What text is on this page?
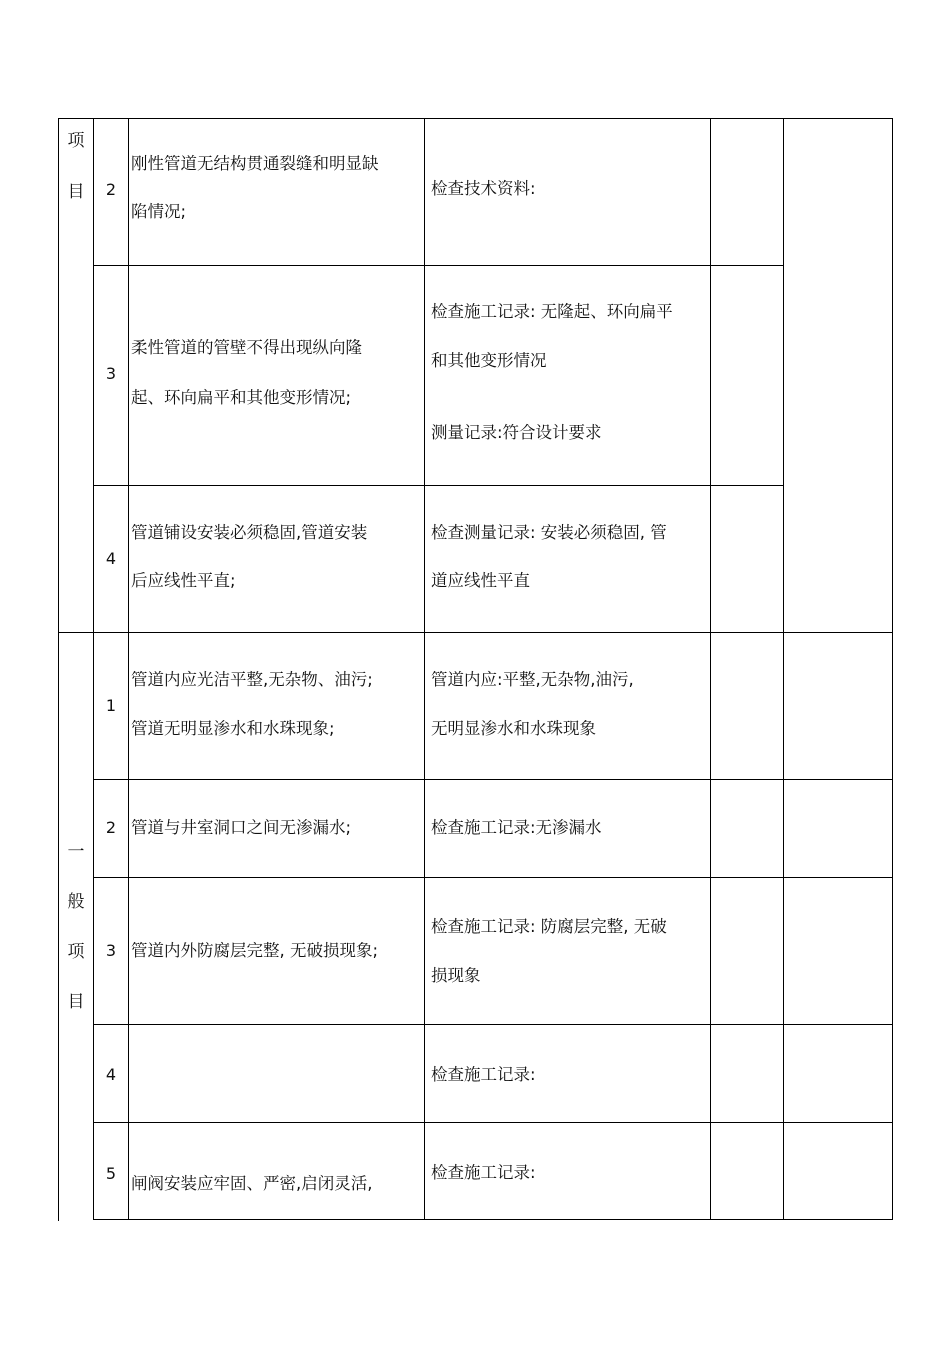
项
目
一
般
项
目
2
刚性管道无结构贯通裂缝和明显缺
陷情况;
检查技术资料:
3
柔性管道的管壁不得出现纵向隆
起、环向扁平和其他变形情况;
检查施工记录: 无隆起、环向扁平
和其他变形情况
测量记录:符合设计要求
4
管道铺设安装必须稳固,管道安装
后应线性平直;
检查测量记录: 安装必须稳固, 管
道应线性平直
1
管道内应光洁平整,无杂物、油污;
管道无明显渗水和水珠现象;
管道内应:平整,无杂物,油污,
无明显渗水和水珠现象
2 管道与井室洞口之间无渗漏水;	检查施工记录:无渗漏水
3 管道内外防腐层完整, 无破损现象;
检查施工记录: 防腐层完整, 无破
损现象
4	检查施工记录:
5
闸阀安装应牢固、严密,启闭灵活,
检查施工记录:
